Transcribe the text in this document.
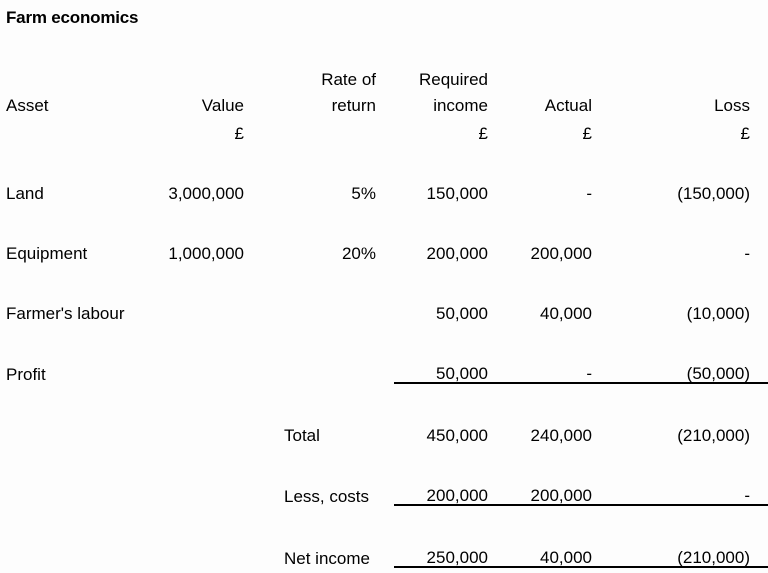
Farm economics
		Rate of	Required		
Asset	Value	return	income	Actual	Loss
	£		£	£	£
Land	3,000,000	5%	150,000	-	(150,000)
Equipment	1,000,000	20%	200,000	200,000	-
Farmer's labour			50,000	40,000	(10,000)
Profit			50,000	-	(50,000)
		Total	450,000	240,000	(210,000)
		Less, costs	200,000	200,000	-
		Net income	250,000	40,000	(210,000)
